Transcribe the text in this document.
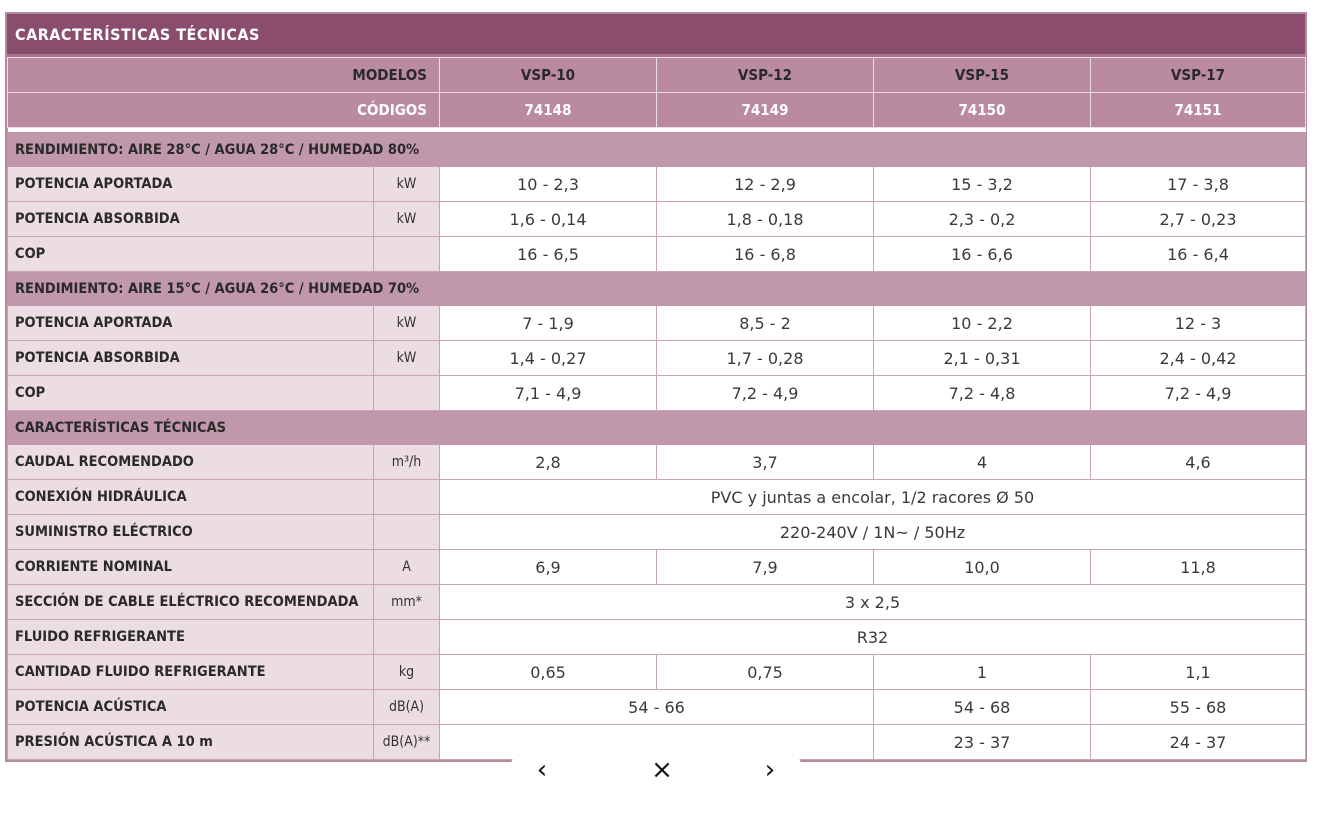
CARACTERÍSTICAS TÉCNICAS
MODELOS		VSP-10	VSP-12	VSP-15	VSP-17
CÓDIGOS		74148	74149	74150	74151

RENDIMIENTO: AIRE 28°C / AGUA 28°C / HUMEDAD 80%					
POTENCIA APORTADA	kW	10 - 2,3	12 - 2,9	15 - 3,2	17 - 3,8
POTENCIA ABSORBIDA	kW	1,6 - 0,14	1,8 - 0,18	2,3 - 0,2	2,7 - 0,23
COP		16 - 6,5	16 - 6,8	16 - 6,6	16 - 6,4
RENDIMIENTO: AIRE 15°C / AGUA 26°C / HUMEDAD 70%					
POTENCIA APORTADA	kW	7 - 1,9	8,5 - 2	10 - 2,2	12 - 3
POTENCIA ABSORBIDA	kW	1,4 - 0,27	1,7 - 0,28	2,1 - 0,31	2,4 - 0,42
COP		7,1 - 4,9	7,2 - 4,9	7,2 - 4,8	7,2 - 4,9
CARACTERÍSTICAS TÉCNICAS					
CAUDAL RECOMENDADO	m³/h	2,8	3,7	4	4,6
CONEXIÓN HIDRÁULICA		PVC y juntas a encolar, 1/2 racores Ø 50			
SUMINISTRO ELÉCTRICO		220-240V / 1N~ / 50Hz			
CORRIENTE NOMINAL	A	6,9	7,9	10,0	11,8
SECCIÓN DE CABLE ELÉCTRICO RECOMENDADA	mm*	3 x 2,5			
FLUIDO REFRIGERANTE		R32			
CANTIDAD FLUIDO REFRIGERANTE	kg	0,65	0,75	1	1,1
POTENCIA ACÚSTICA	dB(A)	54 - 66		54 - 68	55 - 68
PRESIÓN ACÚSTICA A 10 m	dB(A)**			23 - 37	24 - 37
‹	×	›
